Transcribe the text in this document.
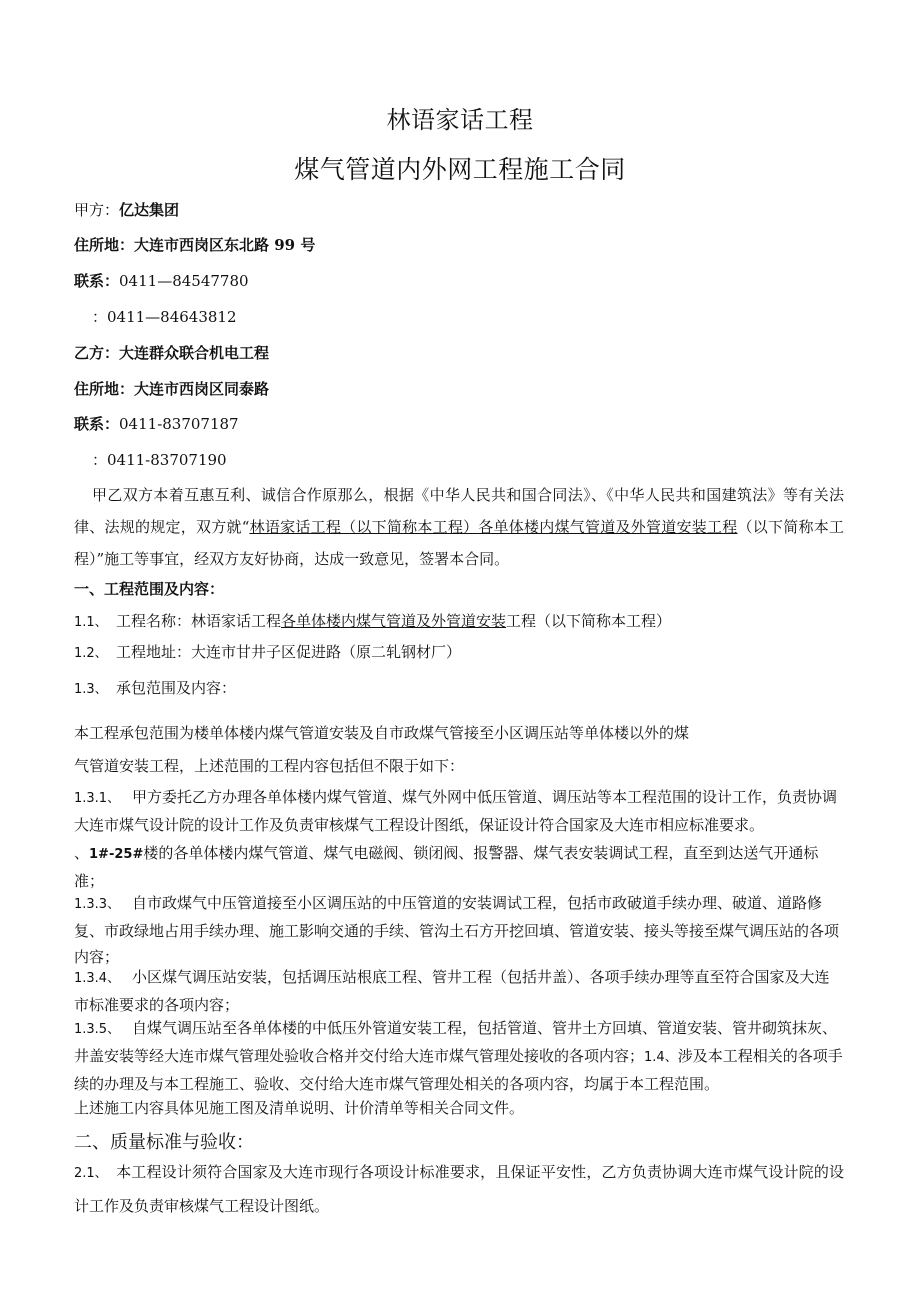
林语家话工程
煤气管道内外网工程施工合同
甲方：亿达集团
住所地：大连市西岗区东北路 99 号
联系：0411—84547780
：0411—84643812
乙方：大连群众联合机电工程
住所地：大连市西岗区同泰路
联系：0411-83707187
：0411-83707190
甲乙双方本着互惠互利、诚信合作原那么，根据《中华人民共和国合同法》、《中华人民共和国建筑法》等有关法律、法规的规定，双方就“林语家话工程（以下简称本工程）各单体楼内煤气管道及外管道安装工程（以下简称本工程）”施工等事宜，经双方友好协商，达成一致意见，签署本合同。
一、工程范围及内容：
1.1、 工程名称：林语家话工程各单体楼内煤气管道及外管道安装工程（以下简称本工程）
1.2、 工程地址：大连市甘井子区促进路（原二轧钢材厂）
1.3、 承包范围及内容：
本工程承包范围为楼单体楼内煤气管道安装及自市政煤气管接至小区调压站等单体楼以外的煤
气管道安装工程，上述范围的工程内容包括但不限于如下：
1.3.1、 甲方委托乙方办理各单体楼内煤气管道、煤气外网中低压管道、调压站等本工程范围的设计工作，负责协调大连市煤气设计院的设计工作及负责审核煤气工程设计图纸，保证设计符合国家及大连市相应标准要求。
、1#-25#楼的各单体楼内煤气管道、煤气电磁阀、锁闭阀、报警器、煤气表安装调试工程，直至到达送气开通标准；
1.3.3、 自市政煤气中压管道接至小区调压站的中压管道的安装调试工程，包括市政破道手续办理、破道、道路修复、市政绿地占用手续办理、施工影响交通的手续、管沟土石方开挖回填、管道安装、接头等接至煤气调压站的各项内容；
1.3.4、 小区煤气调压站安装，包括调压站根底工程、管井工程（包括井盖）、各项手续办理等直至符合国家及大连市标准要求的各项内容；
1.3.5、 自煤气调压站至各单体楼的中低压外管道安装工程，包括管道、管井土方回填、管道安装、管井砌筑抹灰、井盖安装等经大连市煤气管理处验收合格并交付给大连市煤气管理处接收的各项内容；1.4、涉及本工程相关的各项手续的办理及与本工程施工、验收、交付给大连市煤气管理处相关的各项内容，均属于本工程范围。
上述施工内容具体见施工图及清单说明、计价清单等相关合同文件。
二、质量标准与验收：
2.1、 本工程设计须符合国家及大连市现行各项设计标准要求，且保证平安性，乙方负责协调大连市煤气设计院的设计工作及负责审核煤气工程设计图纸。
